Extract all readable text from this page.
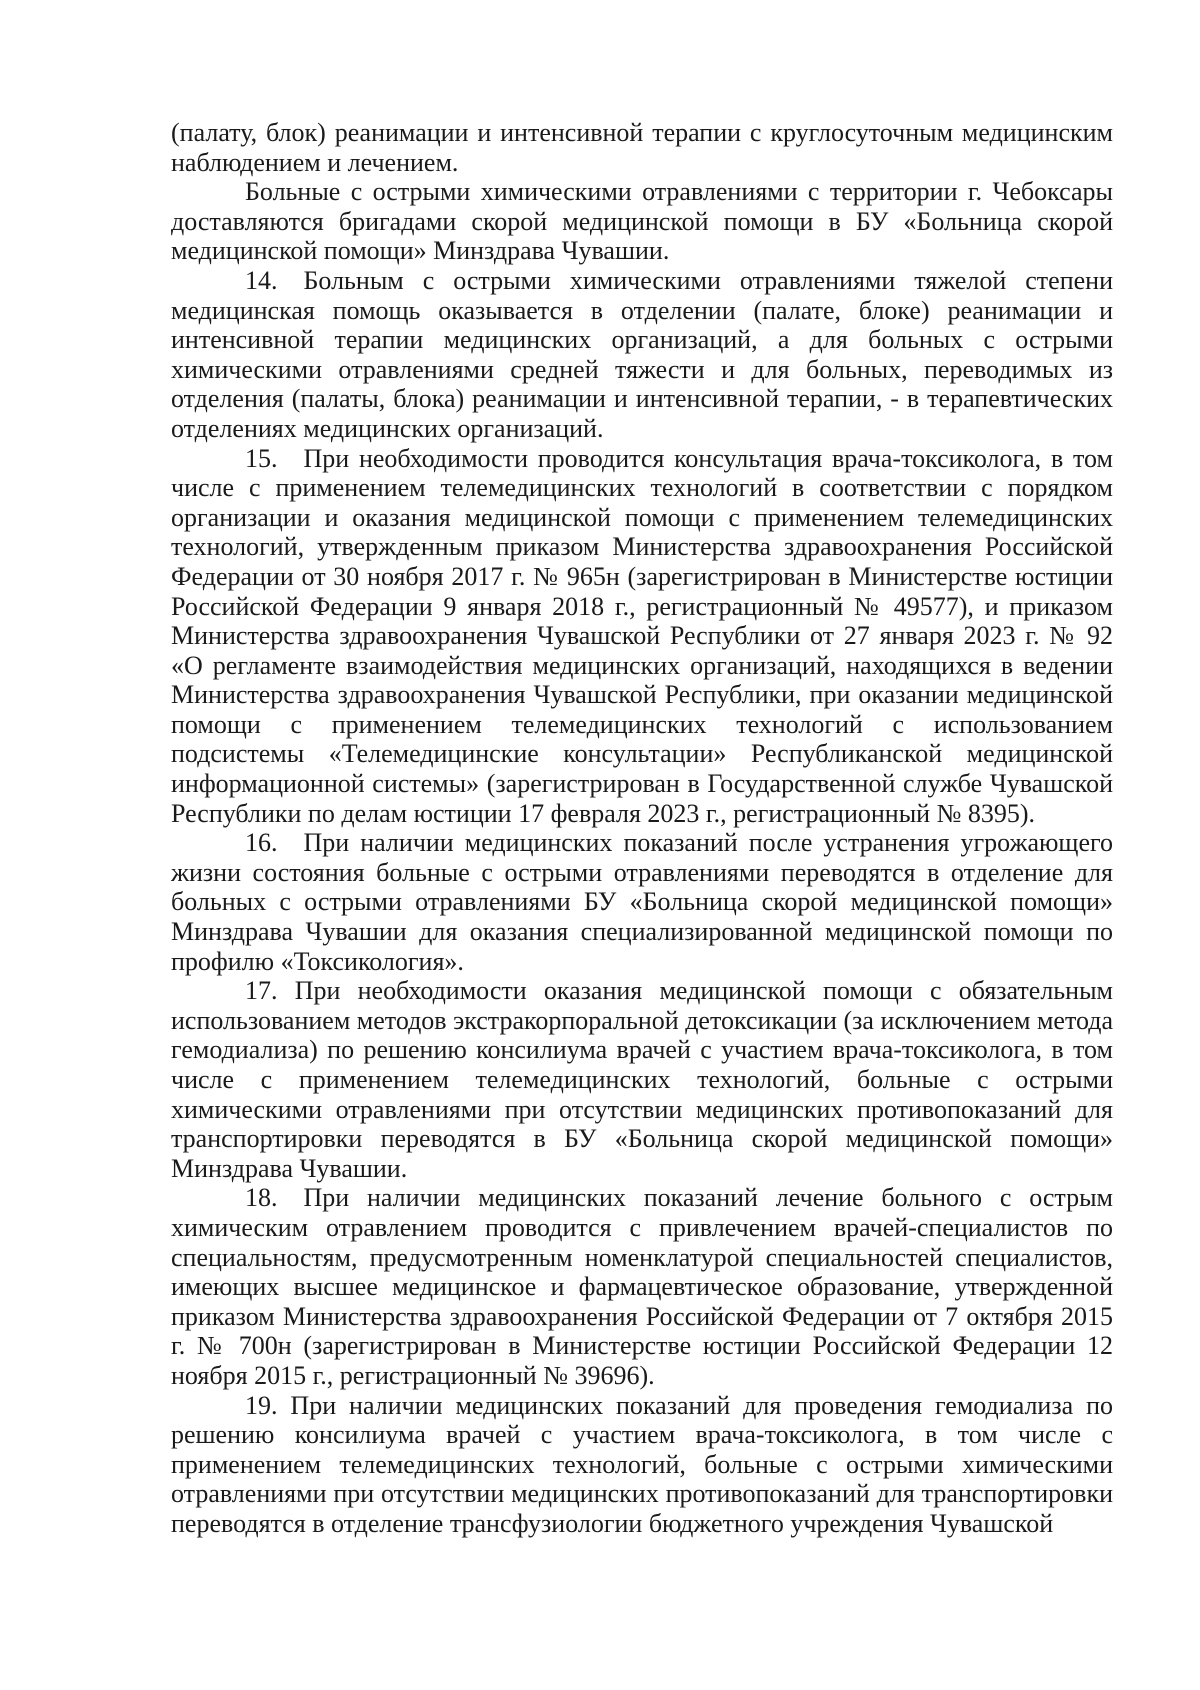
(палату, блок) реанимации и интенсивной терапии с круглосуточным медицинским наблюдением и лечением.

Больные с острыми химическими отравлениями с территории г. Чебоксары доставляются бригадами скорой медицинской помощи в БУ «Больница скорой медицинской помощи» Минздрава Чувашии.

14. Больным с острыми химическими отравлениями тяжелой степени медицинская помощь оказывается в отделении (палате, блоке) реанимации и интенсивной терапии медицинских организаций, а для больных с острыми химическими отравлениями средней тяжести и для больных, переводимых из отделения (палаты, блока) реанимации и интенсивной терапии, - в терапевтических отделениях медицинских организаций.

15. При необходимости проводится консультация врача-токсиколога, в том числе с применением телемедицинских технологий в соответствии с порядком организации и оказания медицинской помощи с применением телемедицинских технологий, утвержденным приказом Министерства здравоохранения Российской Федерации от 30 ноября 2017 г. № 965н (зарегистрирован в Министерстве юстиции Российской Федерации 9 января 2018 г., регистрационный № 49577), и приказом Министерства здравоохранения Чувашской Республики от 27 января 2023 г. № 92 «О регламенте взаимодействия медицинских организаций, находящихся в ведении Министерства здравоохранения Чувашской Республики, при оказании медицинской помощи с применением телемедицинских технологий с использованием подсистемы «Телемедицинские консультации» Республиканской медицинской информационной системы» (зарегистрирован в Государственной службе Чувашской Республики по делам юстиции 17 февраля 2023 г., регистрационный № 8395).

16. При наличии медицинских показаний после устранения угрожающего жизни состояния больные с острыми отравлениями переводятся в отделение для больных с острыми отравлениями БУ «Больница скорой медицинской помощи» Минздрава Чувашии для оказания специализированной медицинской помощи по профилю «Токсикология».

17. При необходимости оказания медицинской помощи с обязательным использованием методов экстракорпоральной детоксикации (за исключением метода гемодиализа) по решению консилиума врачей с участием врача-токсиколога, в том числе с применением телемедицинских технологий, больные с острыми химическими отравлениями при отсутствии медицинских противопоказаний для транспортировки переводятся в БУ «Больница скорой медицинской помощи» Минздрава Чувашии.

18. При наличии медицинских показаний лечение больного с острым химическим отравлением проводится с привлечением врачей-специалистов по специальностям, предусмотренным номенклатурой специальностей специалистов, имеющих высшее медицинское и фармацевтическое образование, утвержденной приказом Министерства здравоохранения Российской Федерации от 7 октября 2015 г. № 700н (зарегистрирован в Министерстве юстиции Российской Федерации 12 ноября 2015 г., регистрационный № 39696).

19. При наличии медицинских показаний для проведения гемодиализа по решению консилиума врачей с участием врача-токсиколога, в том числе с применением телемедицинских технологий, больные с острыми химическими отравлениями при отсутствии медицинских противопоказаний для транспортировки переводятся в отделение трансфузиологии бюджетного учреждения Чувашской
